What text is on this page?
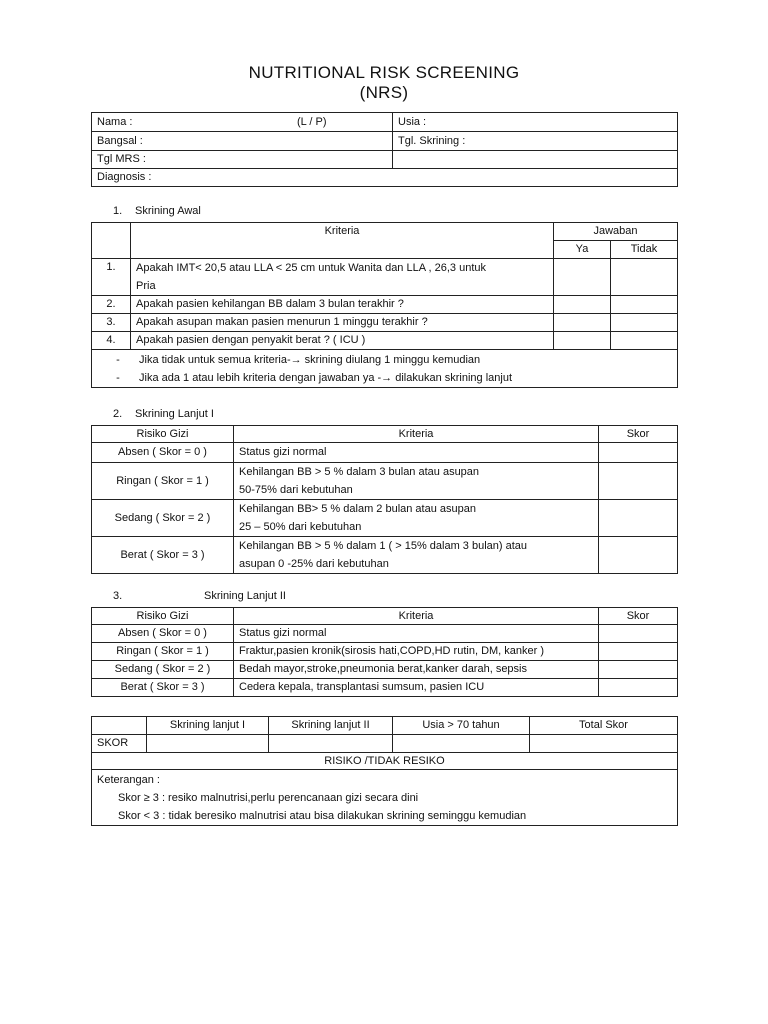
NUTRITIONAL RISK SCREENING
(NRS)
Nama : (L / P)	Usia :
Bangsal :	Tgl. Skrining :
Tgl MRS :	
Diagnosis :	
1. Skrining Awal
	Kriteria	Jawaban	
		Ya	Tidak
1.	Apakah IMT< 20,5 atau LLA < 25 cm untuk Wanita dan LLA , 26,3 untuk
Pria		

2.	Apakah pasien kehilangan BB dalam 3 bulan terakhir ?		
3.	Apakah asupan makan pasien menurun 1 minggu terakhir ?		
4.	Apakah pasien dengan penyakit berat ? ( ICU )		

- Jika tidak untuk semua kriteria-→ skrining diulang 1 minggu kemudian
- Jika ada 1 atau lebih kriteria dengan jawaban ya -→ dilakukan skrining lanjut			
2. Skrining Lanjut I
Risiko Gizi	Kriteria	Skor
Absen ( Skor = 0 )	Status gizi normal	
Ringan ( Skor = 1 )	Kehilangan BB > 5 % dalam 3 bulan atau asupan
50-75% dari kebutuhan	

Sedang ( Skor = 2 )	Kehilangan BB> 5 % dalam 2 bulan atau asupan
25 – 50% dari kebutuhan	

Berat ( Skor = 3 )	Kehilangan BB > 5 % dalam 1 ( > 15% dalam 3 bulan) atau
asupan 0 -25% dari kebutuhan	

3.	Skrining Lanjut II
Risiko Gizi	Kriteria	Skor
Absen ( Skor = 0 )	Status gizi normal	
Ringan ( Skor = 1 )	Fraktur,pasien kronik(sirosis hati,COPD,HD rutin, DM, kanker )	
Sedang ( Skor = 2 )	Bedah mayor,stroke,pneumonia berat,kanker darah, sepsis	
Berat ( Skor = 3 )	Cedera kepala, transplantasi sumsum, pasien ICU	
	Skrining lanjut I	Skrining lanjut II	Usia > 70 tahun	Total Skor
SKOR				
RISIKO /TIDAK RESIKO				

Keterangan :
Skor ≥ 3 : resiko malnutrisi,perlu perencanaan gizi secara dini
Skor < 3 : tidak beresiko malnutrisi atau bisa dilakukan skrining seminggu kemudian				
